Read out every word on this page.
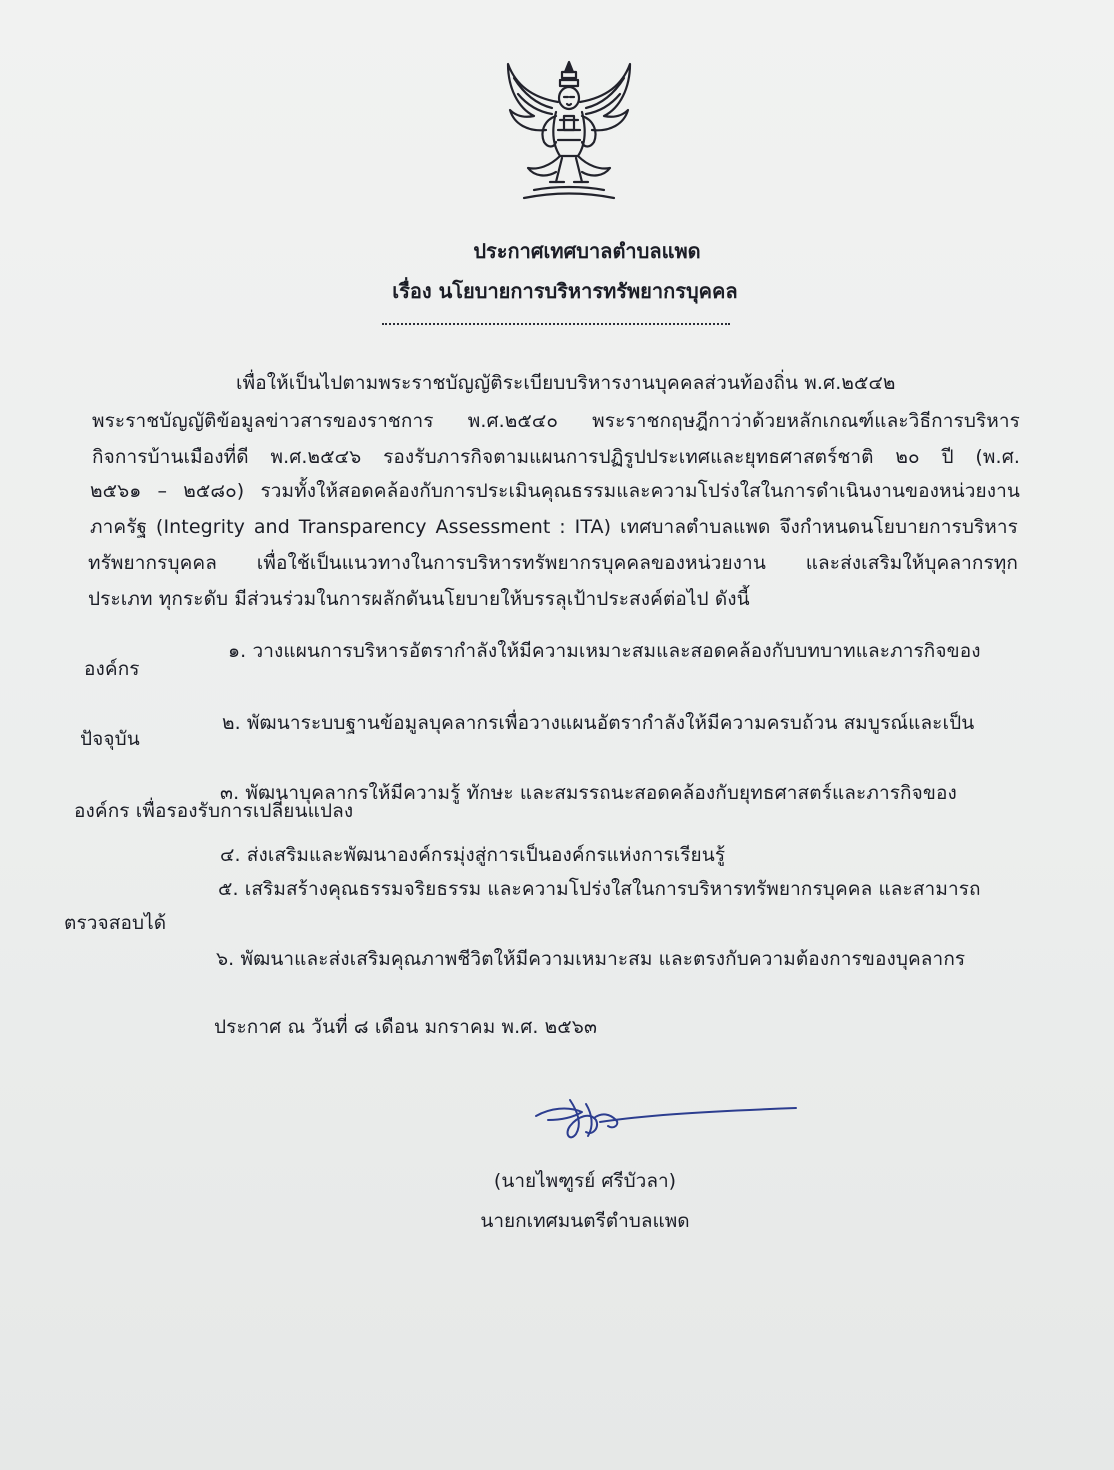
ประกาศเทศบาลตำบลแพด

เรื่อง นโยบายการบริหารทรัพยากรบุคคล

เพื่อให้เป็นไปตามพระราชบัญญัติระเบียบบริหารงานบุคคลส่วนท้องถิ่น พ.ศ.๒๕๔๒
พระราชบัญญัติข้อมูลข่าวสารของราชการ พ.ศ.๒๕๔๐ พระราชกฤษฎีกาว่าด้วยหลักเกณฑ์และวิธีการบริหาร
กิจการบ้านเมืองที่ดี พ.ศ.๒๕๔๖ รองรับภารกิจตามแผนการปฏิรูปประเทศและยุทธศาสตร์ชาติ ๒๐ ปี (พ.ศ.
๒๕๖๑ – ๒๕๘๐) รวมทั้งให้สอดคล้องกับการประเมินคุณธรรมและความโปร่งใสในการดำเนินงานของหน่วยงาน
ภาครัฐ (Integrity and Transparency Assessment : ITA) เทศบาลตำบลแพด จึงกำหนดนโยบายการบริหาร
ทรัพยากรบุคคล เพื่อใช้เป็นแนวทางในการบริหารทรัพยากรบุคคลของหน่วยงาน และส่งเสริมให้บุคลากรทุก
ประเภท ทุกระดับ มีส่วนร่วมในการผลักดันนโยบายให้บรรลุเป้าประสงค์ต่อไป ดังนี้
๑. วางแผนการบริหารอัตรากำลังให้มีความเหมาะสมและสอดคล้องกับบทบาทและภารกิจของ
องค์กร
๒. พัฒนาระบบฐานข้อมูลบุคลากรเพื่อวางแผนอัตรากำลังให้มีความครบถ้วน สมบูรณ์และเป็น
ปัจจุบัน
๓. พัฒนาบุคลากรให้มีความรู้ ทักษะ และสมรรถนะสอดคล้องกับยุทธศาสตร์และภารกิจของ
องค์กร เพื่อรองรับการเปลี่ยนแปลง
๔. ส่งเสริมและพัฒนาองค์กรมุ่งสู่การเป็นองค์กรแห่งการเรียนรู้
๕. เสริมสร้างคุณธรรมจริยธรรม และความโปร่งใสในการบริหารทรัพยากรบุคคล และสามารถ
ตรวจสอบได้
๖. พัฒนาและส่งเสริมคุณภาพชีวิตให้มีความเหมาะสม และตรงกับความต้องการของบุคลากร
ประกาศ ณ วันที่ ๘ เดือน มกราคม พ.ศ. ๒๕๖๓
(นายไพฑูรย์ ศรีบัวลา)
นายกเทศมนตรีตำบลแพด
